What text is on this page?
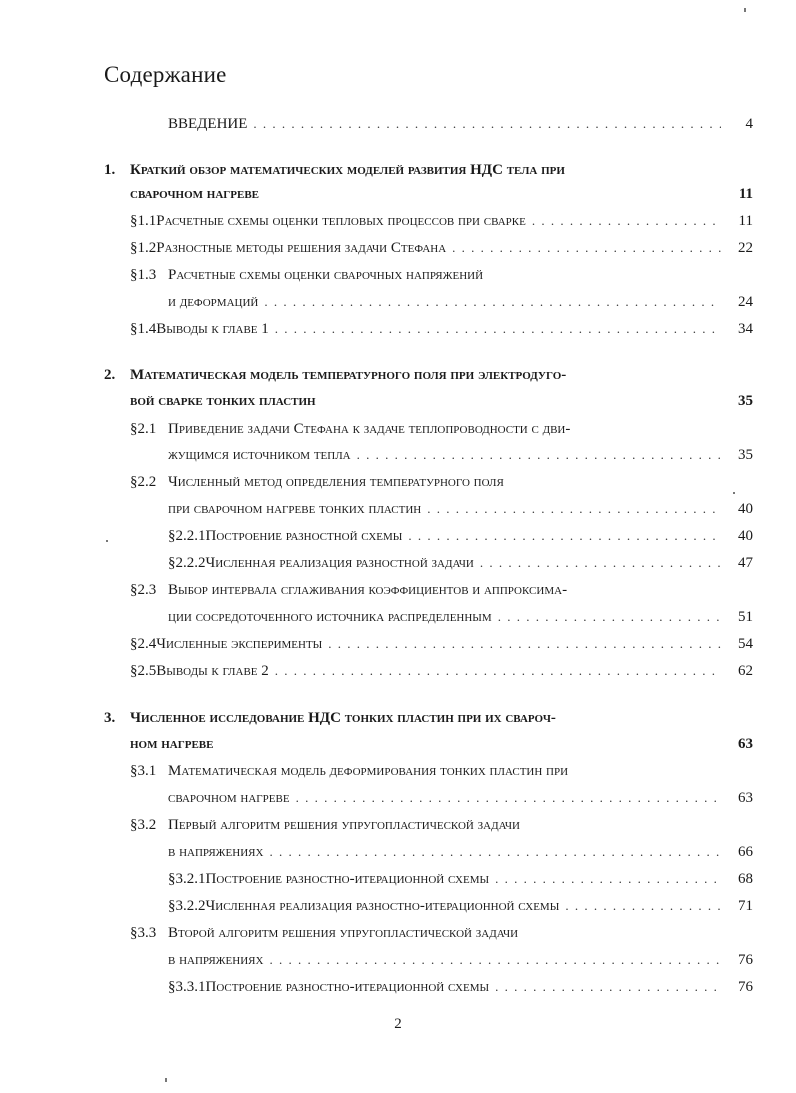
Содержание
ВВЕДЕНИЕ . . .	4
1. Краткий обзор математических моделей развития НДС тела при
сварочном нагреве	11
§1.1 Расчетные схемы оценки тепловых процессов при сварке . . .	11
§1.2 Разностные методы решения задачи Стефана . . .	22
§1.3 Расчетные схемы оценки сварочных напряжений
и деформаций . . .	24
§1.4 Выводы к главе 1 . . .	34
2. Математическая модель температурного поля при электродуго-
вой сварке тонких пластин	35
§2.1 Приведение задачи Стефана к задаче теплопроводности с дви-
жущимся источником тепла . . .	35
§2.2 Численный метод определения температурного поля
при сварочном нагреве тонких пластин . . .	40
§2.2.1 Построение разностной схемы . . .	40
§2.2.2 Численная реализация разностной задачи . . .	47
§2.3 Выбор интервала сглаживания коэффициентов и аппроксима-
ции сосредоточенного источника распределенным . . .	51
§2.4 Численные эксперименты . . .	54
§2.5 Выводы к главе 2 . . .	62
3. Численное исследование НДС тонких пластин при их свароч-
ном нагреве	63
§3.1 Математическая модель деформирования тонких пластин при
сварочном нагреве . . .	63
§3.2 Первый алгоритм решения упругопластической задачи
в напряжениях . . .	66
§3.2.1 Построение разностно-итерационной схемы . . .	68
§3.2.2 Численная реализация разностно-итерационной схемы . . .	71
§3.3 Второй алгоритм решения упругопластической задачи
в напряжениях . . .	76
§3.3.1 Построение разностно-итерационной схемы . . .	76
2
